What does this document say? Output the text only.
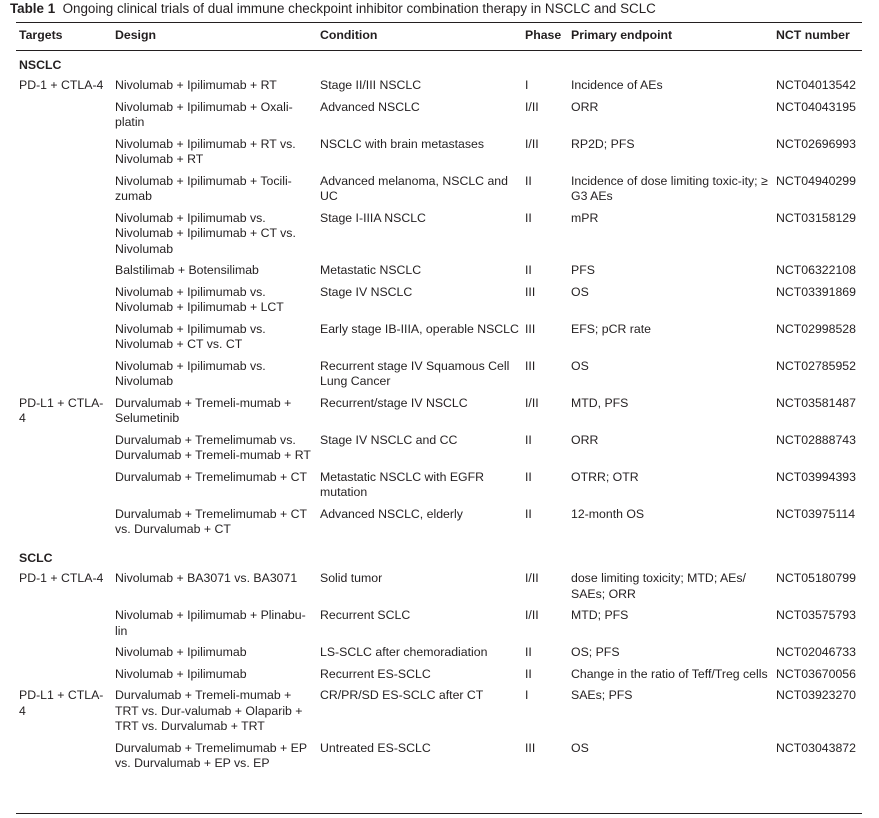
Table 1 Ongoing clinical trials of dual immune checkpoint inhibitor combination therapy in NSCLC and SCLC
Targets	Design	Condition	Phase	Primary endpoint	NCT number
NSCLC					
PD-1 + CTLA-4	Nivolumab + Ipilimumab + RT	Stage II/III NSCLC	I	Incidence of AEs	NCT04013542
	Nivolumab + Ipilimumab + Oxali-platin	Advanced NSCLC	I/II	ORR	NCT04043195
	Nivolumab + Ipilimumab + RT vs. Nivolumab + RT	NSCLC with brain metastases	I/II	RP2D; PFS	NCT02696993
	Nivolumab + Ipilimumab + Tocili-zumab	Advanced melanoma, NSCLC and UC	II	Incidence of dose limiting toxic-ity; ≥ G3 AEs	NCT04940299
	Nivolumab + Ipilimumab vs. Nivolumab + Ipilimumab + CT vs. Nivolumab	Stage I-IIIA NSCLC	II	mPR	NCT03158129
	Balstilimab + Botensilimab	Metastatic NSCLC	II	PFS	NCT06322108
	Nivolumab + Ipilimumab vs. Nivolumab + Ipilimumab + LCT	Stage IV NSCLC	III	OS	NCT03391869
	Nivolumab + Ipilimumab vs. Nivolumab + CT vs. CT	Early stage IB-IIIA, operable NSCLC	III	EFS; pCR rate	NCT02998528
	Nivolumab + Ipilimumab vs. Nivolumab	Recurrent stage IV Squamous Cell Lung Cancer	III	OS	NCT02785952
PD-L1 + CTLA-4	Durvalumab + Tremeli-mumab + Selumetinib	Recurrent/stage IV NSCLC	I/II	MTD, PFS	NCT03581487
	Durvalumab + Tremelimumab vs. Durvalumab + Tremeli-mumab + RT	Stage IV NSCLC and CC	II	ORR	NCT02888743
	Durvalumab + Tremelimumab + CT	Metastatic NSCLC with EGFR mutation	II	OTRR; OTR	NCT03994393
	Durvalumab + Tremelimumab + CT vs. Durvalumab + CT	Advanced NSCLC, elderly	II	12-month OS	NCT03975114
SCLC					
PD-1 + CTLA-4	Nivolumab + BA3071 vs. BA3071	Solid tumor	I/II	dose limiting toxicity; MTD; AEs/ SAEs; ORR	NCT05180799
	Nivolumab + Ipilimumab + Plinabu-lin	Recurrent SCLC	I/II	MTD; PFS	NCT03575793
	Nivolumab + Ipilimumab	LS-SCLC after chemoradiation	II	OS; PFS	NCT02046733
	Nivolumab + Ipilimumab	Recurrent ES-SCLC	II	Change in the ratio of Teff/Treg cells	NCT03670056
PD-L1 + CTLA-4	Durvalumab + Tremeli-mumab + TRT vs. Dur-valumab + Olaparib + TRT vs. Durvalumab + TRT	CR/PR/SD ES-SCLC after CT	I	SAEs; PFS	NCT03923270
	Durvalumab + Tremelimumab + EP vs. Durvalumab + EP vs. EP	Untreated ES-SCLC	III	OS	NCT03043872
